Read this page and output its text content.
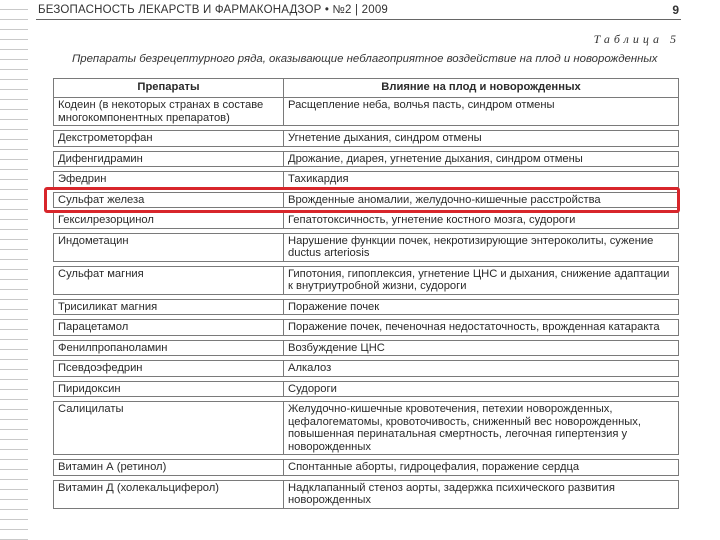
БЕЗОПАСНОСТЬ ЛЕКАРСТВ И ФАРМАКОНАДЗОР • №2 | 2009	9
Таблица 5
Препараты безрецептурного ряда, оказывающие неблагоприятное воздействие на плод и новорожденных
Препараты	Влияние на плод и новорожденных
Кодеин (в некоторых странах в составе многокомпонентных препаратов)	Расщепление неба, волчья пасть, синдром отмены

Декстрометорфан	Угнетение дыхания, синдром отмены

Дифенгидрамин	Дрожание, диарея, угнетение дыхания, синдром отмены

Эфедрин	Тахикардия

Сульфат железа	Врожденные аномалии, желудочно-кишечные расстройства

Гексилрезорцинол	Гепатотоксичность, угнетение костного мозга, судороги

Индометацин	Нарушение функции почек, некротизирующие энтероколиты, сужение ductus arteriosis

Сульфат магния	Гипотония, гипоплексия, угнетение ЦНС и дыхания, снижение адаптации к внутриутробной жизни, судороги

Трисиликат магния	Поражение почек

Парацетамол	Поражение почек, печеночная недостаточность, врожденная катаракта

Фенилпропаноламин	Возбуждение ЦНС

Псевдоэфедрин	Алкалоз

Пиридоксин	Судороги

Салицилаты	Желудочно-кишечные кровотечения, петехии новорожденных, цефалогематомы, кровоточивость, сниженный вес новорожденных, повышенная перинатальная смертность, легочная гипертензия у новорожденных

Витамин А (ретинол)	Спонтанные аборты, гидроцефалия, поражение сердца

Витамин Д (холекальциферол)	Надклапанный стеноз аорты, задержка психического развития новорожденных
